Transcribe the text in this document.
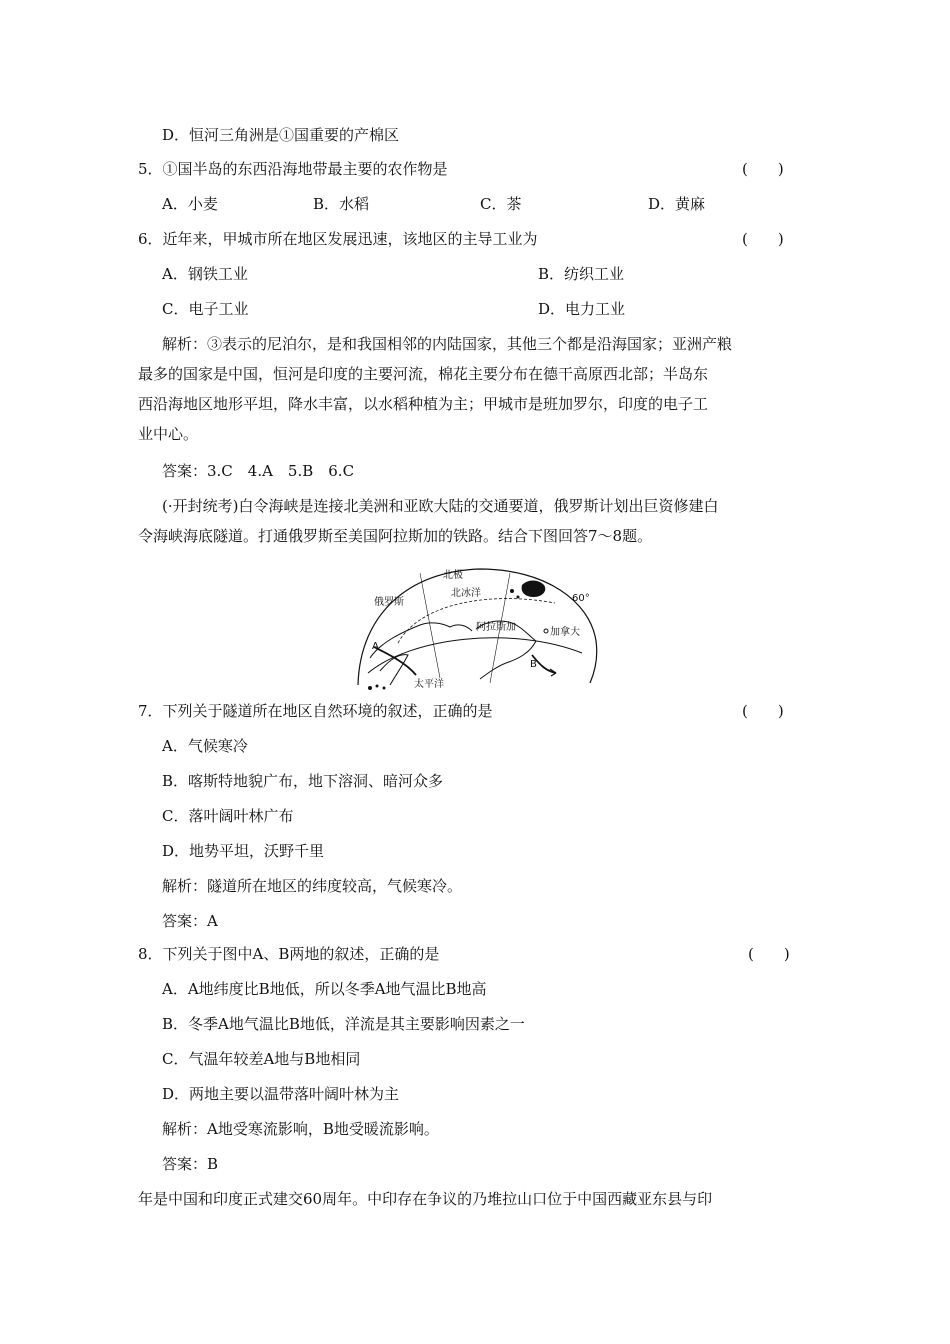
D．恒河三角洲是①国重要的产棉区
5．①国半岛的东西沿海地带最主要的农作物是	(　　)
A．小麦	B．水稻	C．茶	D．黄麻
6．近年来，甲城市所在地区发展迅速，该地区的主导工业为	(　　)
A．钢铁工业	B．纺织工业
C．电子工业	D．电力工业
解析：③表示的尼泊尔，是和我国相邻的内陆国家，其他三个都是沿海国家；亚洲产粮
最多的国家是中国，恒河是印度的主要河流，棉花主要分布在德干高原西北部；半岛东
西沿海地区地形平坦，降水丰富，以水稻种植为主；甲城市是班加罗尔，印度的电子工
业中心。
答案：3.C　4.A　5.B　6.C
(·开封统考)白令海峡是连接北美洲和亚欧大陆的交通要道，俄罗斯计划出巨资修建白
令海峡海底隧道。打通俄罗斯至美国阿拉斯加的铁路。结合下图回答7～8题。
北极
北冰洋
俄罗斯
阿拉斯加	加拿大
太平洋
60°
A
B
7．下列关于隧道所在地区自然环境的叙述，正确的是	(　　)
A．气候寒冷
B．喀斯特地貌广布，地下溶洞、暗河众多
C．落叶阔叶林广布
D．地势平坦，沃野千里
解析：隧道所在地区的纬度较高，气候寒冷。
答案：A
8．下列关于图中A、B两地的叙述，正确的是	(　　)
A．A地纬度比B地低，所以冬季A地气温比B地高
B．冬季A地气温比B地低，洋流是其主要影响因素之一
C．气温年较差A地与B地相同
D．两地主要以温带落叶阔叶林为主
解析：A地受寒流影响，B地受暖流影响。
答案：B
年是中国和印度正式建交60周年。中印存在争议的乃堆拉山口位于中国西藏亚东县与印
